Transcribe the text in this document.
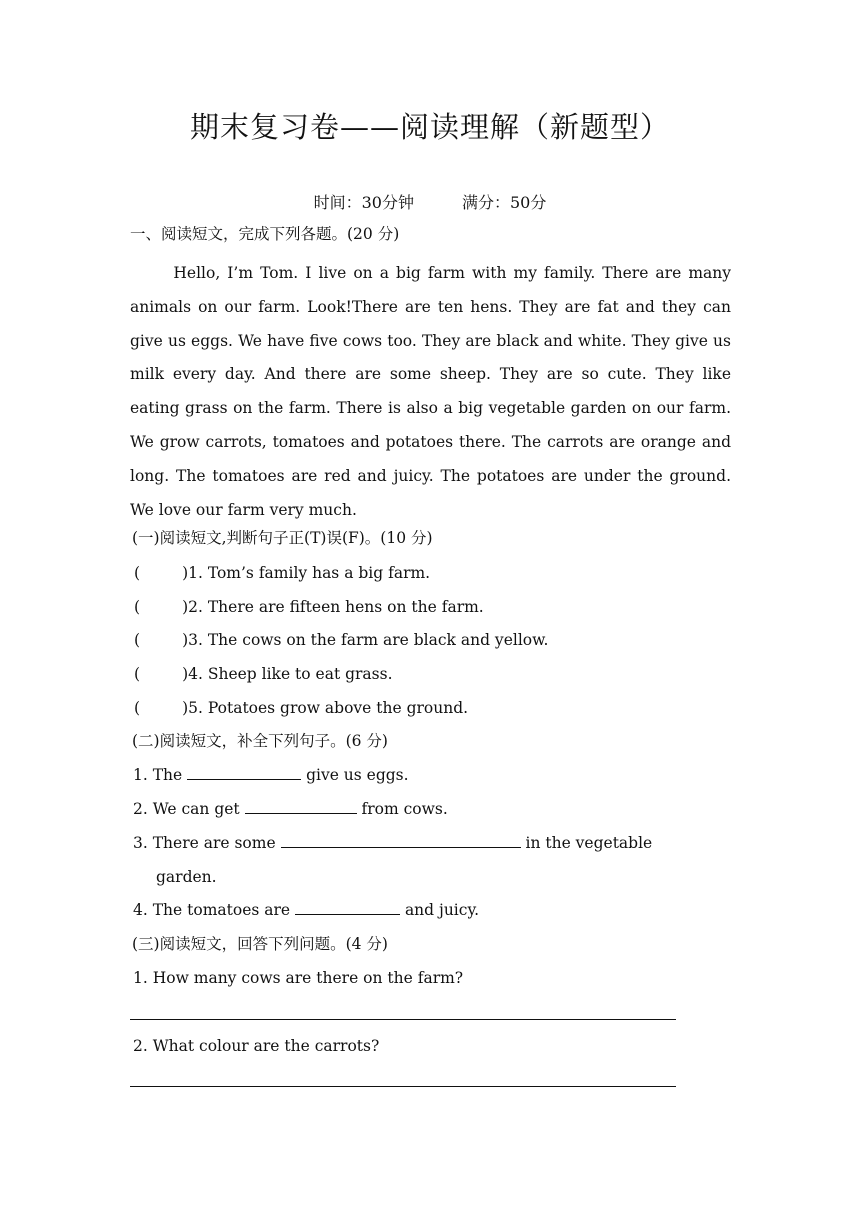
期末复习卷——阅读理解（新题型）
时间：30分钟	满分：50分
一、阅读短文，完成下列各题。(20 分)
Hello, I’m Tom. I live on a big farm with my family. There are many animals on our farm. Look!There are ten hens. They are fat and they can give us eggs. We have five cows too. They are black and white. They give us milk every day. And there are some sheep. They are so cute. They like eating grass on the farm. There is also a big vegetable garden on our farm. We grow carrots, tomatoes and potatoes there. The carrots are orange and long. The tomatoes are red and juicy. The potatoes are under the ground. We love our farm very much.
(一)阅读短文,判断句子正(T)误(F)。(10 分)
(	)1. Tom’s family has a big farm.
(	)2. There are fifteen hens on the farm.
(	)3. The cows on the farm are black and yellow.
(	)4. Sheep like to eat grass.
(	)5. Potatoes grow above the ground.
(二)阅读短文，补全下列句子。(6 分)
1. The	give us eggs.
2. We can get	from cows.
3. There are some	in the vegetable
garden.
4. The tomatoes are	and juicy.
(三)阅读短文，回答下列问题。(4 分)
1. How many cows are there on the farm?
2. What colour are the carrots?
